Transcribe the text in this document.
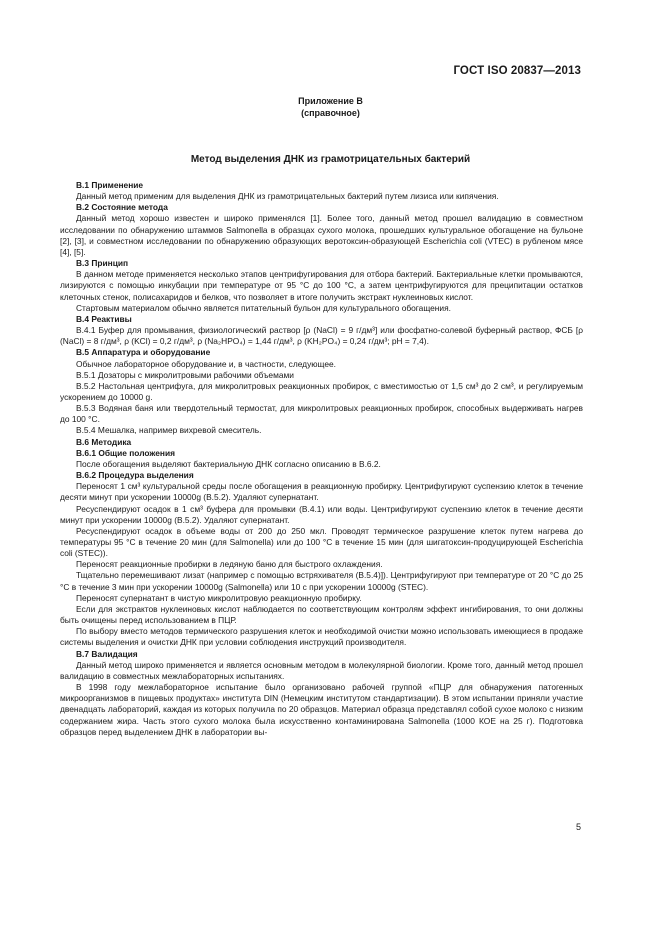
ГОСТ ISO 20837—2013
Приложение В
(справочное)
Метод выделения ДНК из грамотрицательных бактерий

В.1 Применение

Данный метод применим для выделения ДНК из грамотрицательных бактерий путем лизиса или кипячения.

В.2 Состояние метода

Данный метод хорошо известен и широко применялся [1]. Более того, данный метод прошел валидацию в совместном исследовании по обнаружению штаммов Salmonella в образцах сухого молока, прошедших культуральное обогащение на бульоне [2], [3], и совместном исследовании по обнаружению образующих веротоксин-образующей Escherichia coli (VTEC) в рубленом мясе [4], [5].

В.3 Принцип

В данном методе применяется несколько этапов центрифугирования для отбора бактерий. Бактериальные клетки промываются, лизируются с помощью инкубации при температуре от 95 °С до 100 °С, а затем центрифугируются для преципитации остатков клеточных стенок, полисахаридов и белков, что позволяет в итоге получить экстракт нуклеиновых кислот.

Стартовым материалом обычно является питательный бульон для культурального обогащения.

В.4 Реактивы

В.4.1 Буфер для промывания, физиологический раствор [ρ (NaCl) = 9 г/дм³] или фосфатно-солевой буферный раствор, ФСБ [ρ (NaCl) = 8 г/дм³, ρ (KCl) = 0,2 г/дм³, ρ (Na₂HPO₄) = 1,44 г/дм³, ρ (KH₂PO₄) = 0,24 г/дм³; pH = 7,4).

В.5 Аппаратура и оборудование

Обычное лабораторное оборудование и, в частности, следующее.

В.5.1 Дозаторы с микролитровыми рабочими объемами

В.5.2 Настольная центрифуга, для микролитровых реакционных пробирок, с вместимостью от 1,5 см³ до 2 см³, и регулируемым ускорением до 10000 g.

В.5.3 Водяная баня или твердотельный термостат, для микролитровых реакционных пробирок, способных выдерживать нагрев до 100 °С.

В.5.4 Мешалка, например вихревой смеситель.

В.6 Методика

В.6.1 Общие положения

После обогащения выделяют бактериальную ДНК согласно описанию в В.6.2.

В.6.2 Процедура выделения

Переносят 1 см³ культуральной среды после обогащения в реакционную пробирку. Центрифугируют суспензию клеток в течение десяти минут при ускорении 10000g (В.5.2). Удаляют супернатант.

Ресуспендируют осадок в 1 см³ буфера для промывки (В.4.1) или воды. Центрифугируют суспензию клеток в течение десяти минут при ускорении 10000g (В.5.2). Удаляют супернатант.

Ресуспендируют осадок в объеме воды от 200 до 250 мкл. Проводят термическое разрушение клеток путем нагрева до температуры 95 °С в течение 20 мин (для Salmonella) или до 100 °С в течение 15 мин (для шигатоксин-продуцирующей Escherichia coli (STEC)).

Переносят реакционные пробирки в ледяную баню для быстрого охлаждения.

Тщательно перемешивают лизат (например с помощью встряхивателя (В.5.4)]). Центрифугируют при температуре от 20 °С до 25 °С в течение 3 мин при ускорении 10000g (Salmonella) или 10 с при ускорении 10000g (STEC).

Переносят супернатант в чистую микролитровую реакционную пробирку.

Если для экстрактов нуклеиновых кислот наблюдается по соответствующим контролям эффект ингибирования, то они должны быть очищены перед использованием в ПЦР.

По выбору вместо методов термического разрушения клеток и необходимой очистки можно использовать имеющиеся в продаже системы выделения и очистки ДНК при условии соблюдения инструкций производителя.

В.7 Валидация

Данный метод широко применяется и является основным методом в молекулярной биологии. Кроме того, данный метод прошел валидацию в совместных межлабораторных испытаниях.

В 1998 году межлабораторное испытание было организовано рабочей группой «ПЦР для обнаружения патогенных микроорганизмов в пищевых продуктах» института DIN (Немецким институтом стандартизации). В этом испытании приняли участие двенадцать лабораторий, каждая из которых получила по 20 образцов. Материал образца представлял собой сухое молоко с низким содержанием жира. Часть этого сухого молока была искусственно контаминирована Salmonella (1000 КОЕ на 25 г). Подготовка образцов перед выделением ДНК в лаборатории вы-

5
